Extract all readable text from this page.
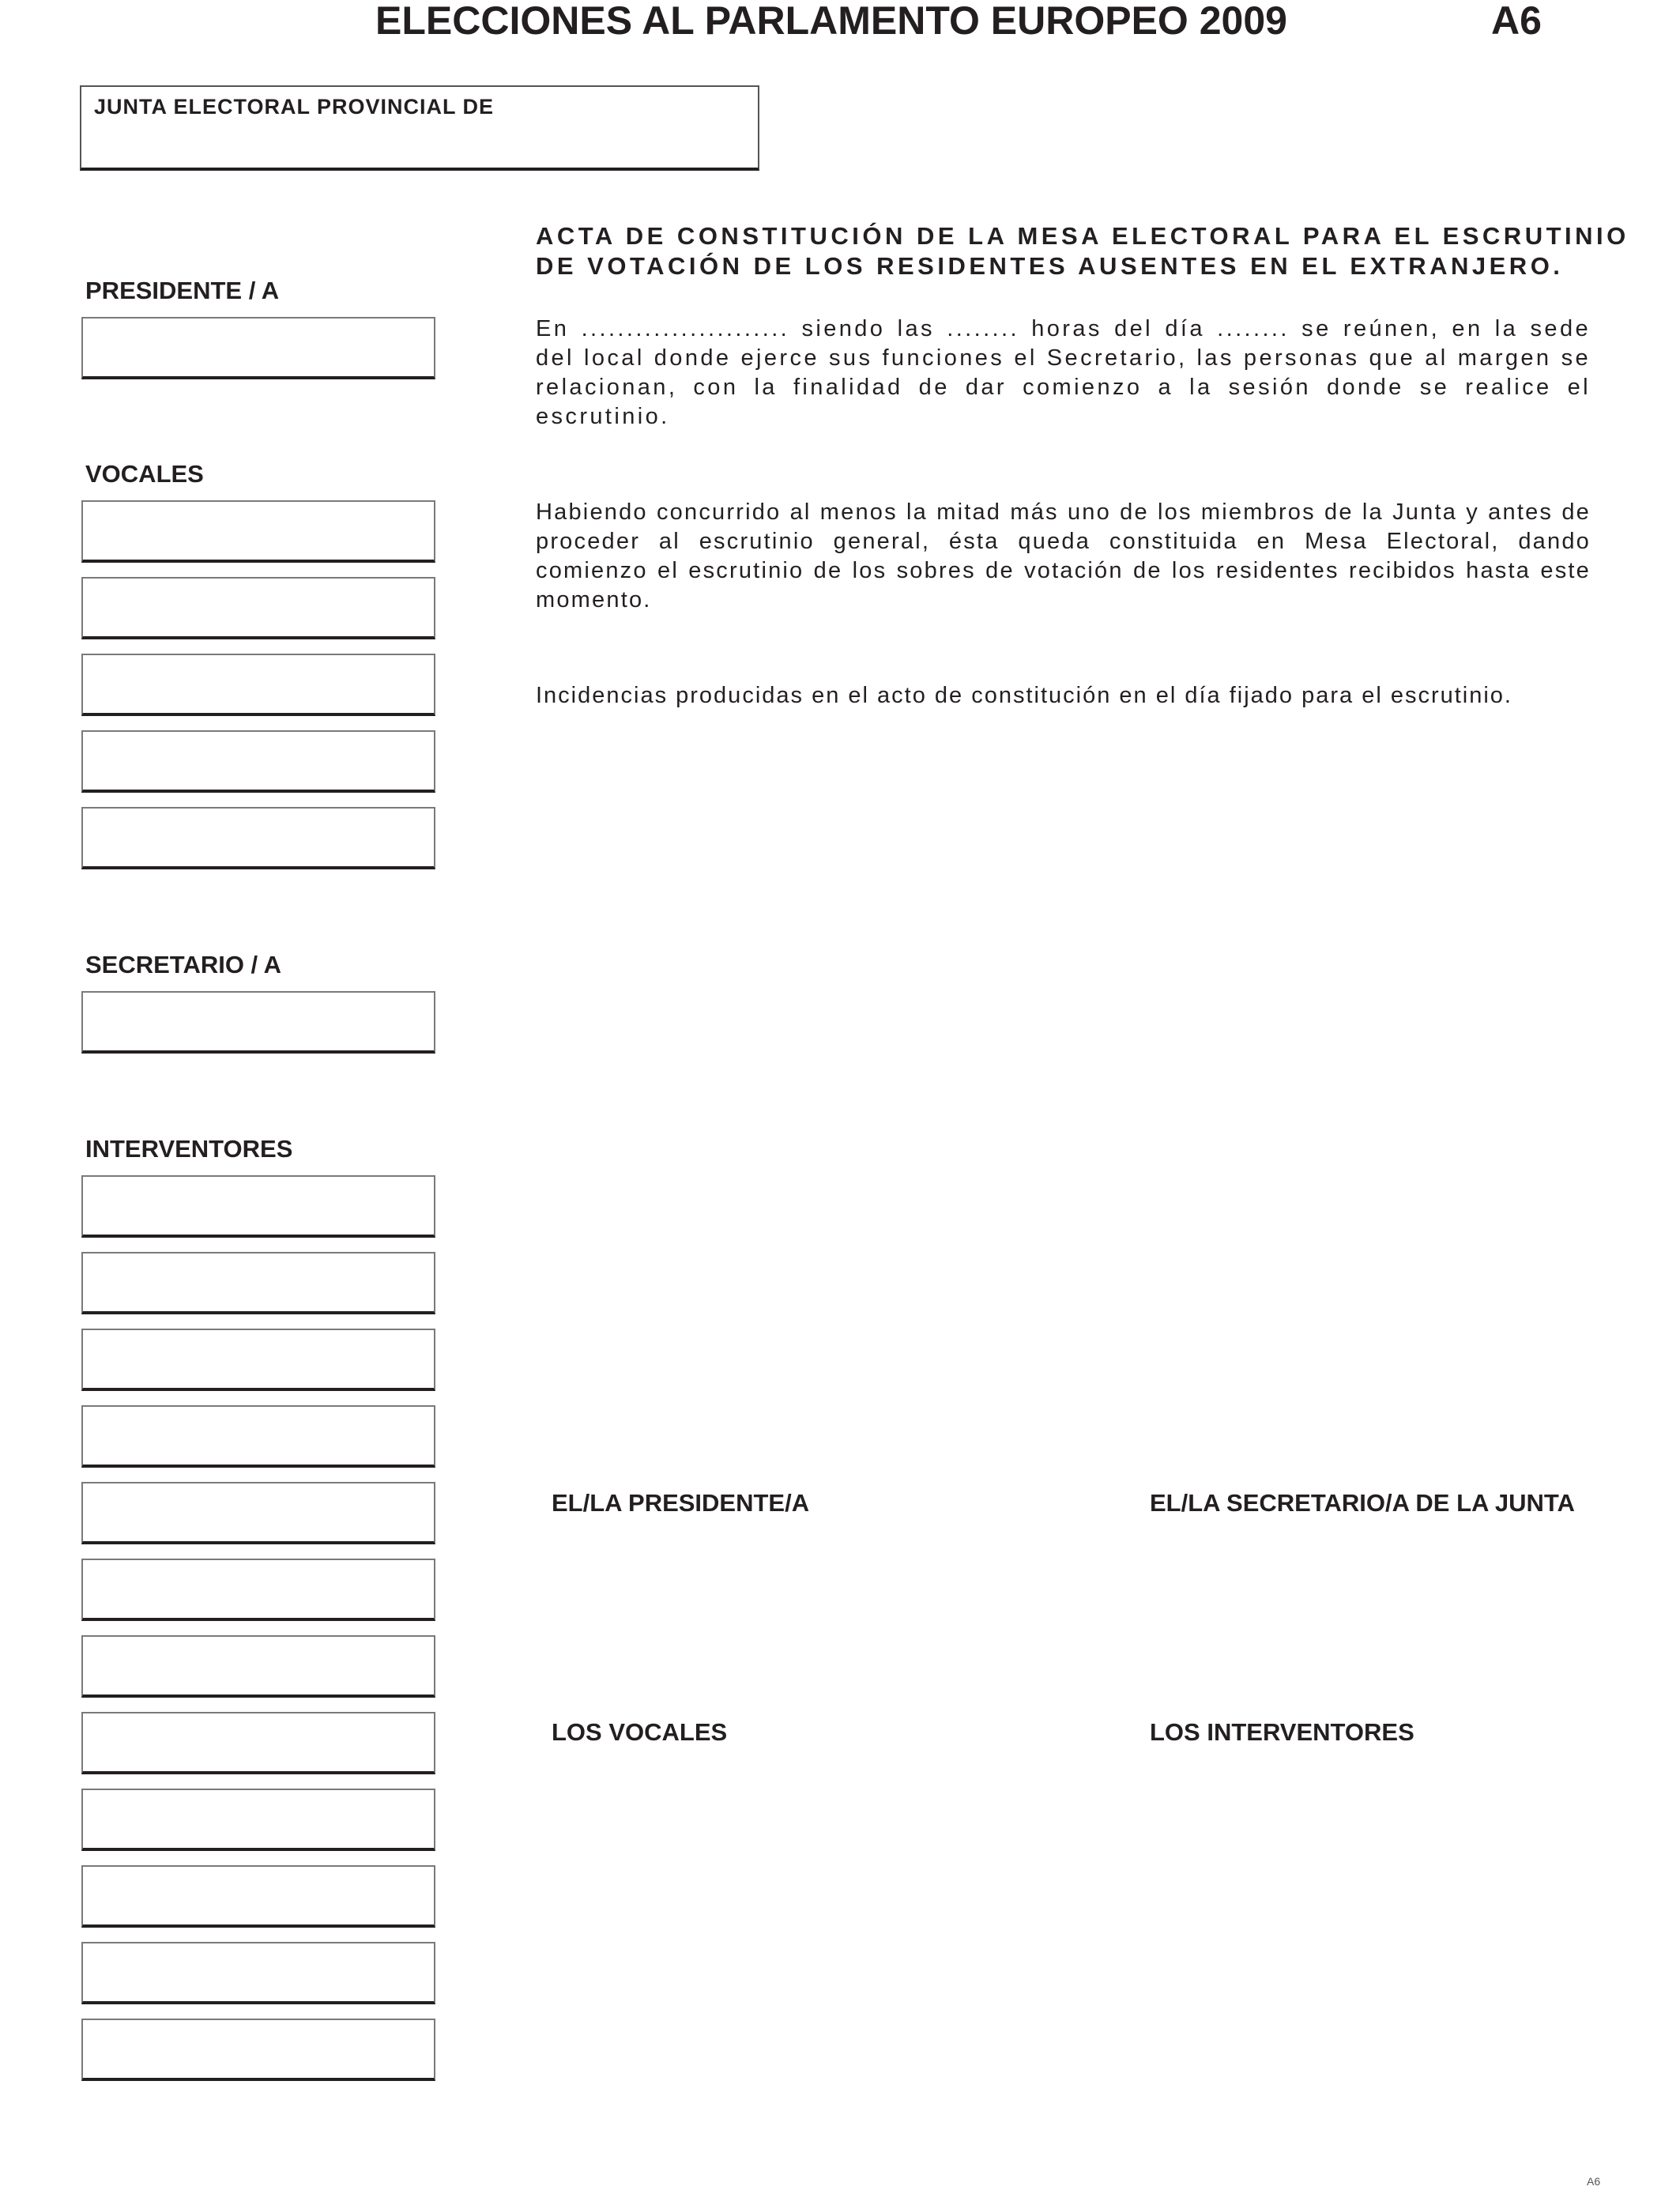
ELECCIONES AL PARLAMENTO EUROPEO 2009	A6
JUNTA ELECTORAL PROVINCIAL DE
PRESIDENTE / A
VOCALES
SECRETARIO / A
INTERVENTORES
ACTA DE CONSTITUCIÓN DE LA MESA ELECTORAL PARA EL ESCRUTINIO
DE VOTACIÓN DE LOS RESIDENTES AUSENTES EN EL EXTRANJERO.
En ....................... siendo las ........ horas del día ........ se reúnen, en la sede del local donde ejerce sus funciones el Secretario, las personas que al margen se relacionan, con la finalidad de dar comienzo a la sesión donde se realice el escrutinio.
Habiendo concurrido al menos la mitad más uno de los miembros de la Junta y antes de proceder al escrutinio general, ésta queda constituida en Mesa Electoral, dando comienzo el escrutinio de los sobres de votación de los residentes recibidos hasta este momento.
Incidencias producidas en el acto de constitución en el día fijado para el escrutinio.
EL/LA PRESIDENTE/A	EL/LA SECRETARIO/A DE LA JUNTA
LOS VOCALES	LOS INTERVENTORES
A6
